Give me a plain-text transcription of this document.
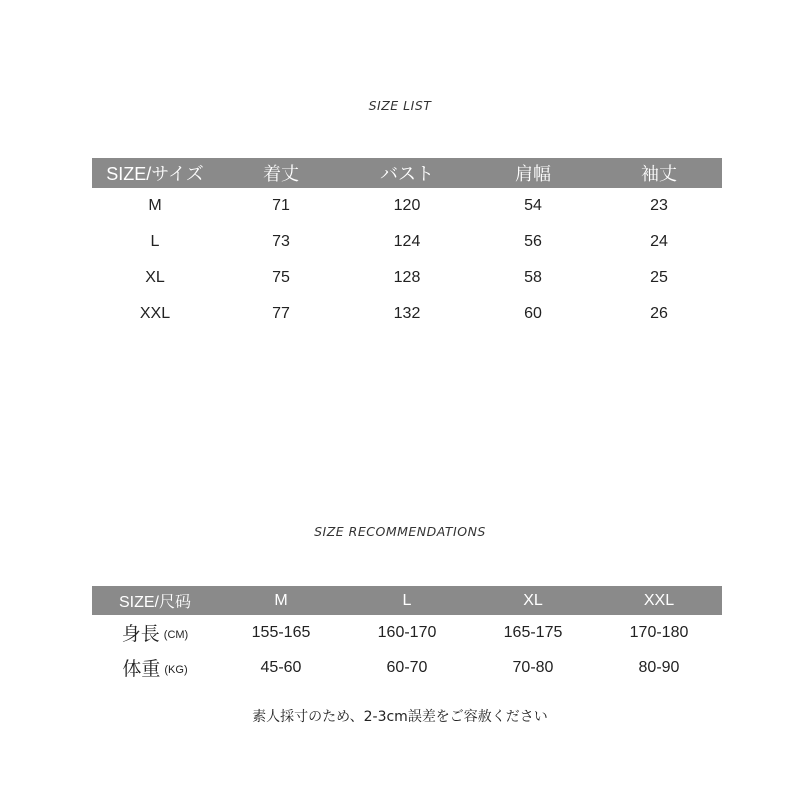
SIZE LIST
SIZE/サイズ	着丈	バスト	肩幅	袖丈
M	71	120	54	23
L	73	124	56	24
XL	75	128	58	25
XXL	77	132	60	26
SIZE RECOMMENDATIONS
SIZE/尺码	M	L	XL	XXL
身長 (CM)	155-165	160-170	165-175	170-180
体重 (KG)	45-60	60-70	70-80	80-90
素人採寸のため、2-3cm誤差をご容赦ください
